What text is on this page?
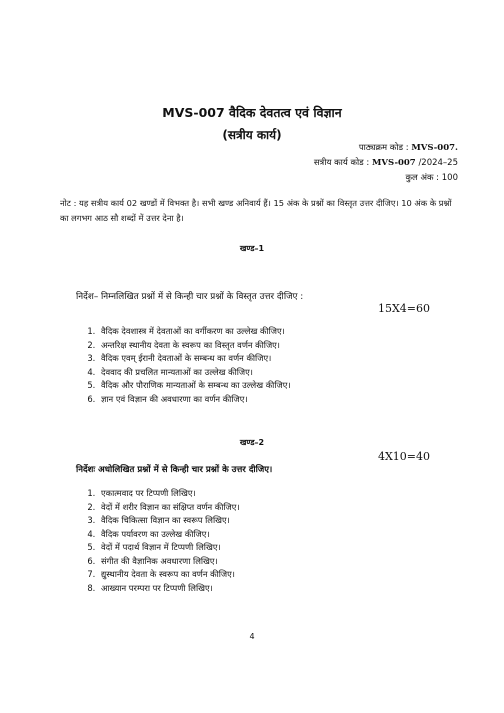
MVS-007 वैदिक देवतत्व एवं विज्ञान
(सत्रीय कार्य)
पाठ्यक्रम कोड : MVS-007.
सत्रीय कार्य कोड : MVS-007 /2024–25
कुल अंक : 100
नोट : यह सत्रीय कार्य 02 खण्डों में विभक्त है। सभी खण्ड अनिवार्य हैं। 15 अंक के प्रश्नों का विस्तृत उत्तर दीजिए। 10 अंक के प्रश्नों का लगभग आठ सौ शब्दों में उत्तर देना है।
खण्ड–1
निर्देश– निम्नलिखित प्रश्नों में से किन्ही चार प्रश्नों के विस्तृत उत्तर दीजिए :
15X4=60
1. वैदिक देवशास्त्र में देवताओं का वर्गीकरण का उल्लेख कीजिए।
2. अन्तरिक्ष स्थानीय देवता के स्वरूप का विस्तृत वर्णन कीजिए।
3. वैदिक एवम् ईरानी देवताओं के सम्बन्ध का वर्णन कीजिए।
4. देववाद की प्रचलित मान्यताओं का उल्लेख कीजिए।
5. वैदिक और पौराणिक मान्यताओं के सम्बन्ध का उल्लेख कीजिए।
6. ज्ञान एवं विज्ञान की अवधारणा का वर्णन कीजिए।
खण्ड–2
4X10=40
निर्देशः अधोलिखित प्रश्नों में से किन्ही चार प्रश्नों के उत्तर दीजिए।
1. एकात्मवाद पर टिप्पणी लिखिए।
2. वेदों में शरीर विज्ञान का संक्षिप्त वर्णन कीजिए।
3. वैदिक चिकित्सा विज्ञान का स्वरूप लिखिए।
4. वैदिक पर्यावरण का उल्लेख कीजिए।
5. वेदों में पदार्थ विज्ञान में टिप्पणी लिखिए।
6. संगीत की वैज्ञानिक अवधारणा लिखिए।
7. द्युस्थानीय देवता के स्वरूप का वर्णन कीजिए।
8. आख्यान परम्परा पर टिप्पणी लिखिए।
4
